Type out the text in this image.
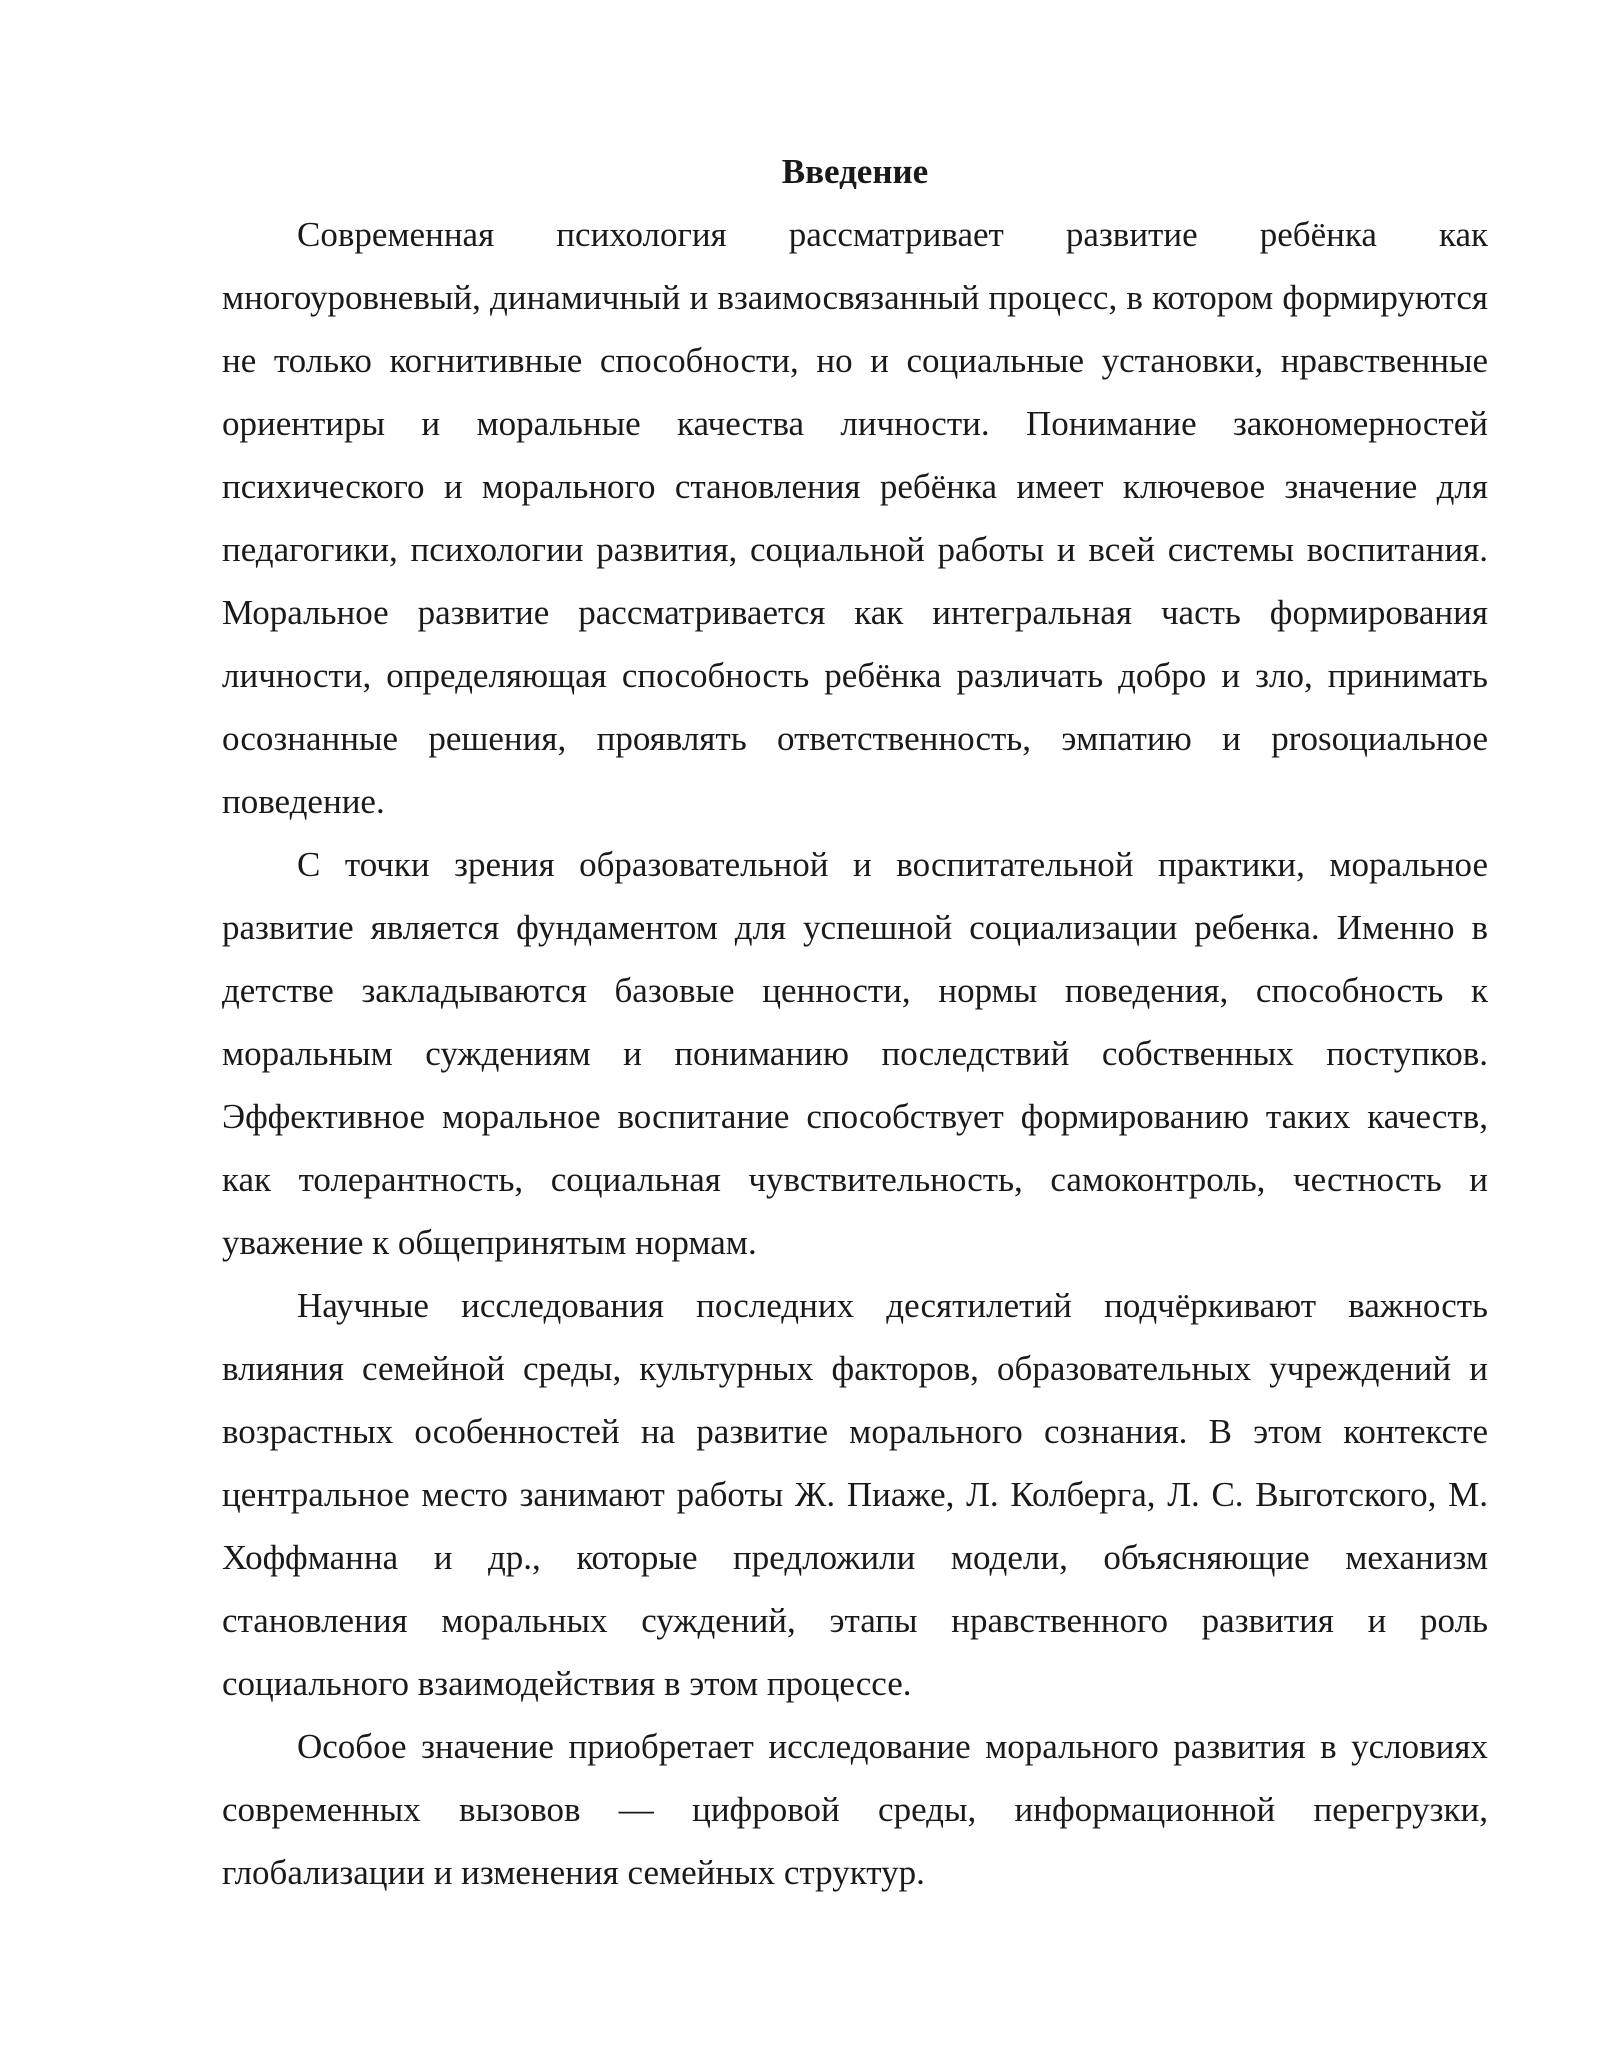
Введение

Современная психология рассматривает развитие ребёнка как многоуровневый, динамичный и взаимосвязанный процесс, в котором формируются не только когнитивные способности, но и социальные установки, нравственные ориентиры и моральные качества личности. Понимание закономерностей психического и морального становления ребёнка имеет ключевое значение для педагогики, психологии развития, социальной работы и всей системы воспитания. Моральное развитие рассматривается как интегральная часть формирования личности, определяющая способность ребёнка различать добро и зло, принимать осознанные решения, проявлять ответственность, эмпатию и prosоциальное поведение.

С точки зрения образовательной и воспитательной практики, моральное развитие является фундаментом для успешной социализации ребенка. Именно в детстве закладываются базовые ценности, нормы поведения, способность к моральным суждениям и пониманию последствий собственных поступков. Эффективное моральное воспитание способствует формированию таких качеств, как толерантность, социальная чувствительность, самоконтроль, честность и уважение к общепринятым нормам.

Научные исследования последних десятилетий подчёркивают важность влияния семейной среды, культурных факторов, образовательных учреждений и возрастных особенностей на развитие морального сознания. В этом контексте центральное место занимают работы Ж. Пиаже, Л. Колберга, Л. С. Выготского, М. Хоффманна и др., которые предложили модели, объясняющие механизм становления моральных суждений, этапы нравственного развития и роль социального взаимодействия в этом процессе.

Особое значение приобретает исследование морального развития в условиях современных вызовов — цифровой среды, информационной перегрузки, глобализации и изменения семейных структур.
